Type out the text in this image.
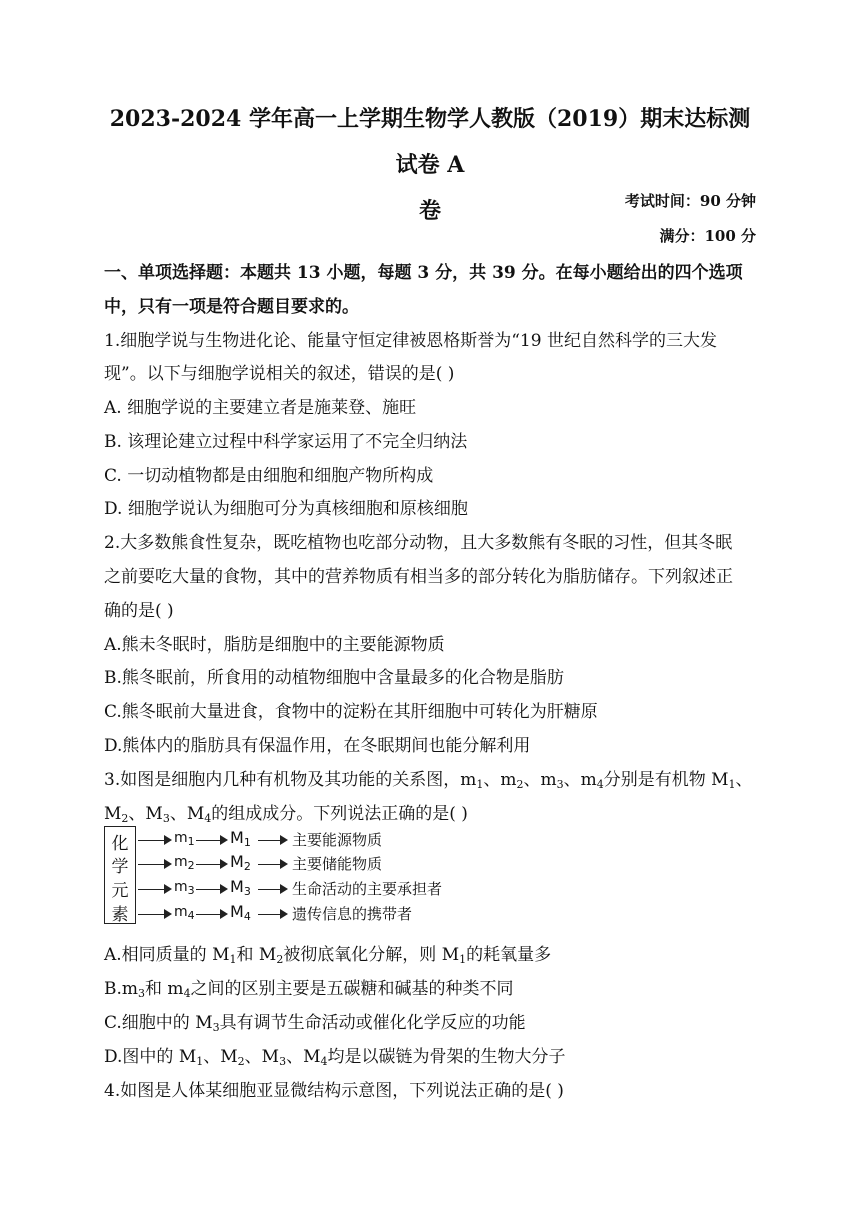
2023-2024 学年高一上学期生物学人教版（2019）期末达标测试卷 A
卷	考试时间：90 分钟
满分：100 分
一、单项选择题：本题共 13 小题，每题 3 分，共 39 分。在每小题给出的四个选项
中，只有一项是符合题目要求的。
1.细胞学说与生物进化论、能量守恒定律被恩格斯誉为“19 世纪自然科学的三大发
现”。以下与细胞学说相关的叙述，错误的是( )
A. 细胞学说的主要建立者是施莱登、施旺
B. 该理论建立过程中科学家运用了不完全归纳法
C. 一切动植物都是由细胞和细胞产物所构成
D. 细胞学说认为细胞可分为真核细胞和原核细胞
2.大多数熊食性复杂，既吃植物也吃部分动物，且大多数熊有冬眠的习性，但其冬眠
之前要吃大量的食物，其中的营养物质有相当多的部分转化为脂肪储存。下列叙述正
确的是( )
A.熊未冬眠时，脂肪是细胞中的主要能源物质
B.熊冬眠前，所食用的动植物细胞中含量最多的化合物是脂肪
C.熊冬眠前大量进食，食物中的淀粉在其肝细胞中可转化为肝糖原
D.熊体内的脂肪具有保温作用，在冬眠期间也能分解利用
3.如图是细胞内几种有机物及其功能的关系图，$m_1$、$m_2$、$m_3$、$m_4$分别是有机物 $M_1$、
$M_2$、$M_3$、$M_4$的组成成分。下列说法正确的是( )
化
学
元
素
$m_1$ $M_1$	主要能源物质
$m_2$ $M_2$	主要储能物质
$m_3$ $M_3$	生命活动的主要承担者
$m_4$ $M_4$	遗传信息的携带者
A.相同质量的 $M_1$和 $M_2$被彻底氧化分解，则 $M_1$的耗氧量多
$B.m_3$和 $m_4$之间的区别主要是五碳糖和碱基的种类不同
C.细胞中的 $M_3$具有调节生命活动或催化化学反应的功能
D.图中的 $M_1$、$M_2$、$M_3$、$M_4$均是以碳链为骨架的生物大分子
4.如图是人体某细胞亚显微结构示意图，下列说法正确的是( )
